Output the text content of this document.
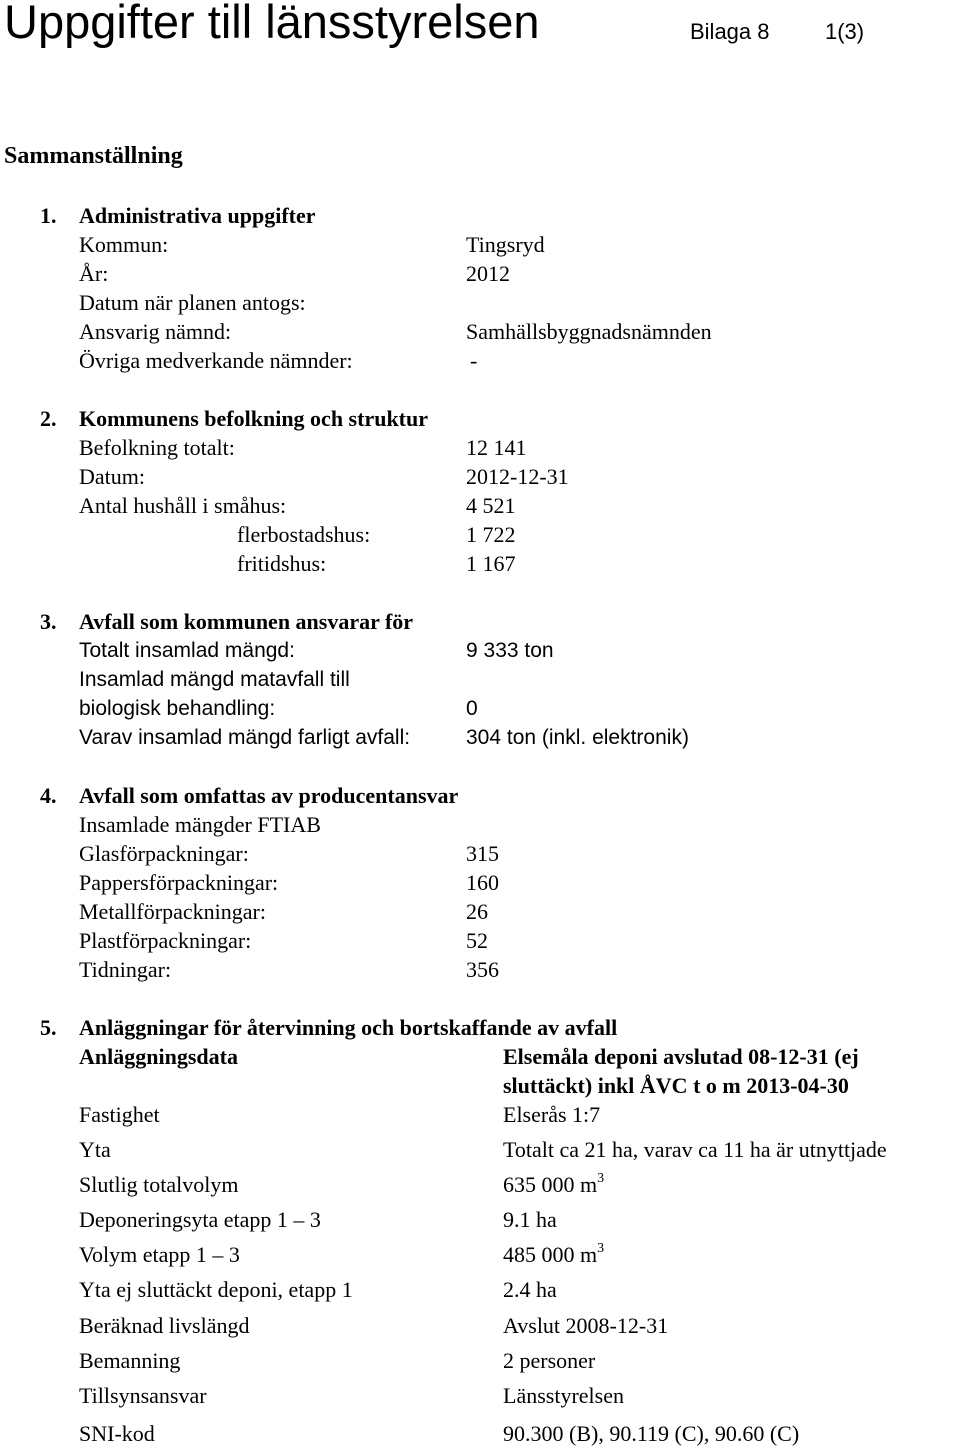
Uppgifter till länsstyrelsen	Bilaga 8	1(3)
Sammanställning
1. Administrativa uppgifter
Kommun:	Tingsryd
År:	2012
Datum när planen antogs:
Ansvarig nämnd:	Samhällsbyggnadsnämnden
Övriga medverkande nämnder:	-
2. Kommunens befolkning och struktur
Befolkning totalt:	12 141
Datum:	2012-12-31
Antal hushåll i småhus:	4 521
flerbostadshus:	1 722
fritidshus:	1 167
3. Avfall som kommunen ansvarar för
Totalt insamlad mängd:	9 333 ton
Insamlad mängd matavfall till
biologisk behandling:	0
Varav insamlad mängd farligt avfall:	304 ton (inkl. elektronik)
4. Avfall som omfattas av producentansvar
Insamlade mängder FTIAB
Glasförpackningar:	315
Pappersförpackningar:	160
Metallförpackningar:	26
Plastförpackningar:	52
Tidningar:	356
5. Anläggningar för återvinning och bortskaffande av avfall
Anläggningsdata	Elsemåla deponi avslutad 08-12-31 (ej
sluttäckt) inkl ÅVC t o m 2013-04-30
Fastighet	Elserås 1:7
Yta	Totalt ca 21 ha, varav ca 11 ha är utnyttjade
Slutlig totalvolym	635 000 $m^3$
Deponeringsyta etapp 1 – 3	9.1 ha
Volym etapp 1 – 3	485 000 $m^3$
Yta ej sluttäckt deponi, etapp 1	2.4 ha
Beräknad livslängd	Avslut 2008-12-31
Bemanning	2 personer
Tillsynsansvar	Länsstyrelsen
SNI-kod	90.300 (B), 90.119 (C), 90.60 (C)
